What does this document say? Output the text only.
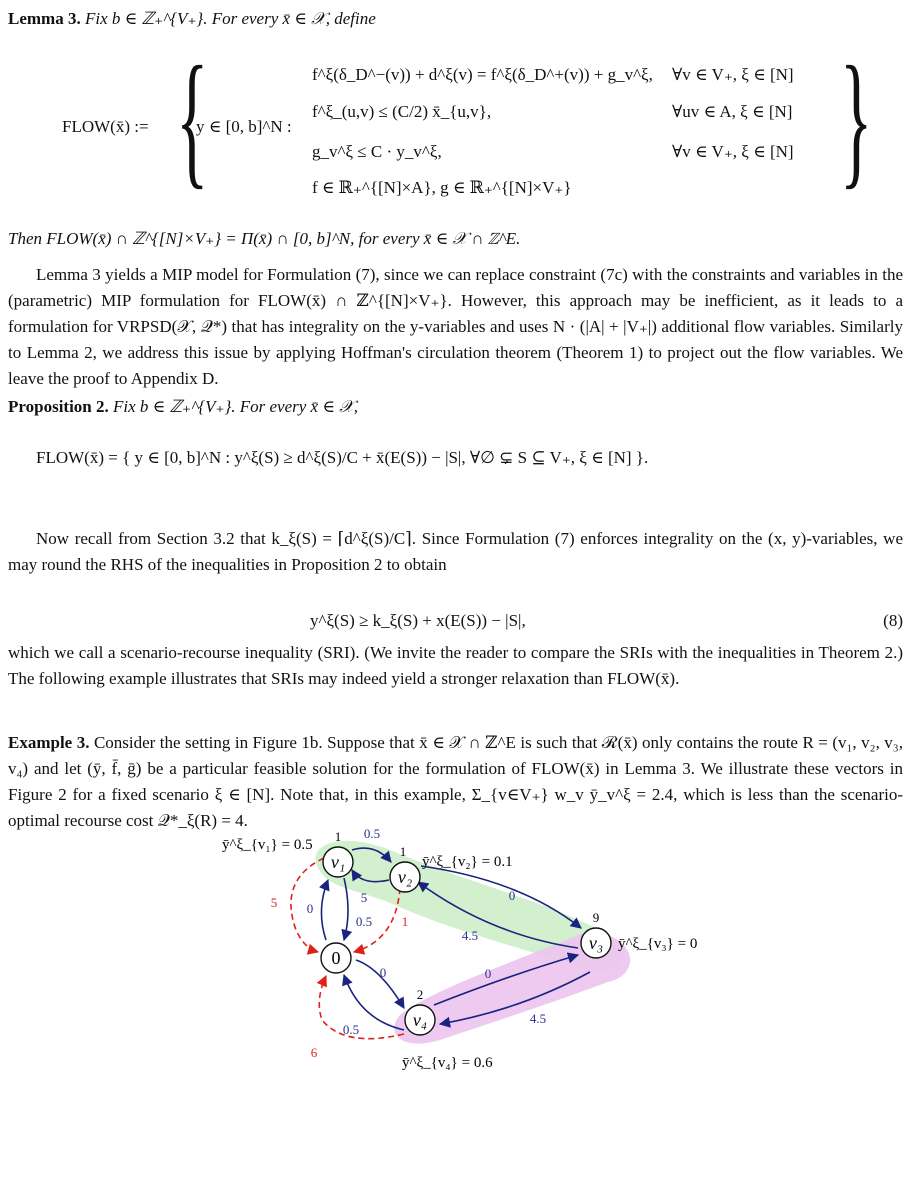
Lemma 3. Fix b ∈ ℤ₊^{V₊}. For every x̄ ∈ 𝒳, define
FLOW(x̄) := {
y ∈ [0, b]^N :
f^ξ(δ_D^−(v)) + d^ξ(v) = f^ξ(δ_D^+(v)) + g_v^ξ,
f^ξ_(u,v) ≤ (C/2) x̄_{u,v},
g_v^ξ ≤ C · y_v^ξ,
f ∈ ℝ₊^{[N]×A}, g ∈ ℝ₊^{[N]×V₊}
∀v ∈ V₊, ξ ∈ [N]
∀uv ∈ A, ξ ∈ [N]
∀v ∈ V₊, ξ ∈ [N] }
Then FLOW(x̄) ∩ ℤ^{[N]×V₊} = Π(x̄) ∩ [0, b]^N, for every x̄ ∈ 𝒳 ∩ ℤ^E.
Lemma 3 yields a MIP model for Formulation (7), since we can replace constraint (7c) with the constraints and variables in the (parametric) MIP formulation for FLOW(x̄) ∩ ℤ^{[N]×V₊}. However, this approach may be inefficient, as it leads to a formulation for VRPSD(𝒳, 𝒬*) that has integrality on the y-variables and uses N · (|A| + |V₊|) additional flow variables. Similarly to Lemma 2, we address this issue by applying Hoffman's circulation theorem (Theorem 1) to project out the flow variables. We leave the proof to Appendix D.
Proposition 2. Fix b ∈ ℤ₊^{V₊}. For every x̄ ∈ 𝒳,
FLOW(x̄) = { y ∈ [0, b]^N : y^ξ(S) ≥ d^ξ(S)/C + x̄(E(S)) − |S|, ∀∅ ⊊ S ⊆ V₊, ξ ∈ [N] }.
Now recall from Section 3.2 that k_ξ(S) = ⌈d^ξ(S)/C⌉. Since Formulation (7) enforces integrality on the (x, y)-variables, we may round the RHS of the inequalities in Proposition 2 to obtain
y^ξ(S) ≥ k_ξ(S) + x(E(S)) − |S|,	(8)
which we call a scenario-recourse inequality (SRI). (We invite the reader to compare the SRIs with the inequalities in Theorem 2.) The following example illustrates that SRIs may indeed yield a stronger relaxation than FLOW(x̄).
Example 3. Consider the setting in Figure 1b. Suppose that x̄ ∈ 𝒳 ∩ ℤ^E is such that ℛ(x̄) only contains the route R = (v₁, v₂, v₃, v₄) and let (ȳ, f̄, ḡ) be a particular feasible solution for the formulation of FLOW(x̄) in Lemma 3. We illustrate these vectors in Figure 2 for a fixed scenario ξ ∈ [N]. Note that, in this example, Σ_{v∈V₊} w_v ȳ_v^ξ = 2.4, which is less than the scenario-optimal recourse cost 𝒬*_ξ(R) = 4.
v₁
v₂
v₃
v₄
0
1
1
9
2
ȳ^ξ_{v₁} = 0.5
ȳ^ξ_{v₂} = 0.1
ȳ^ξ_{v₃} = 0
ȳ^ξ_{v₄} = 0.6
0.5
5	0
4.5
0.5
0
0
0.5
0
4.5
5
1
6
